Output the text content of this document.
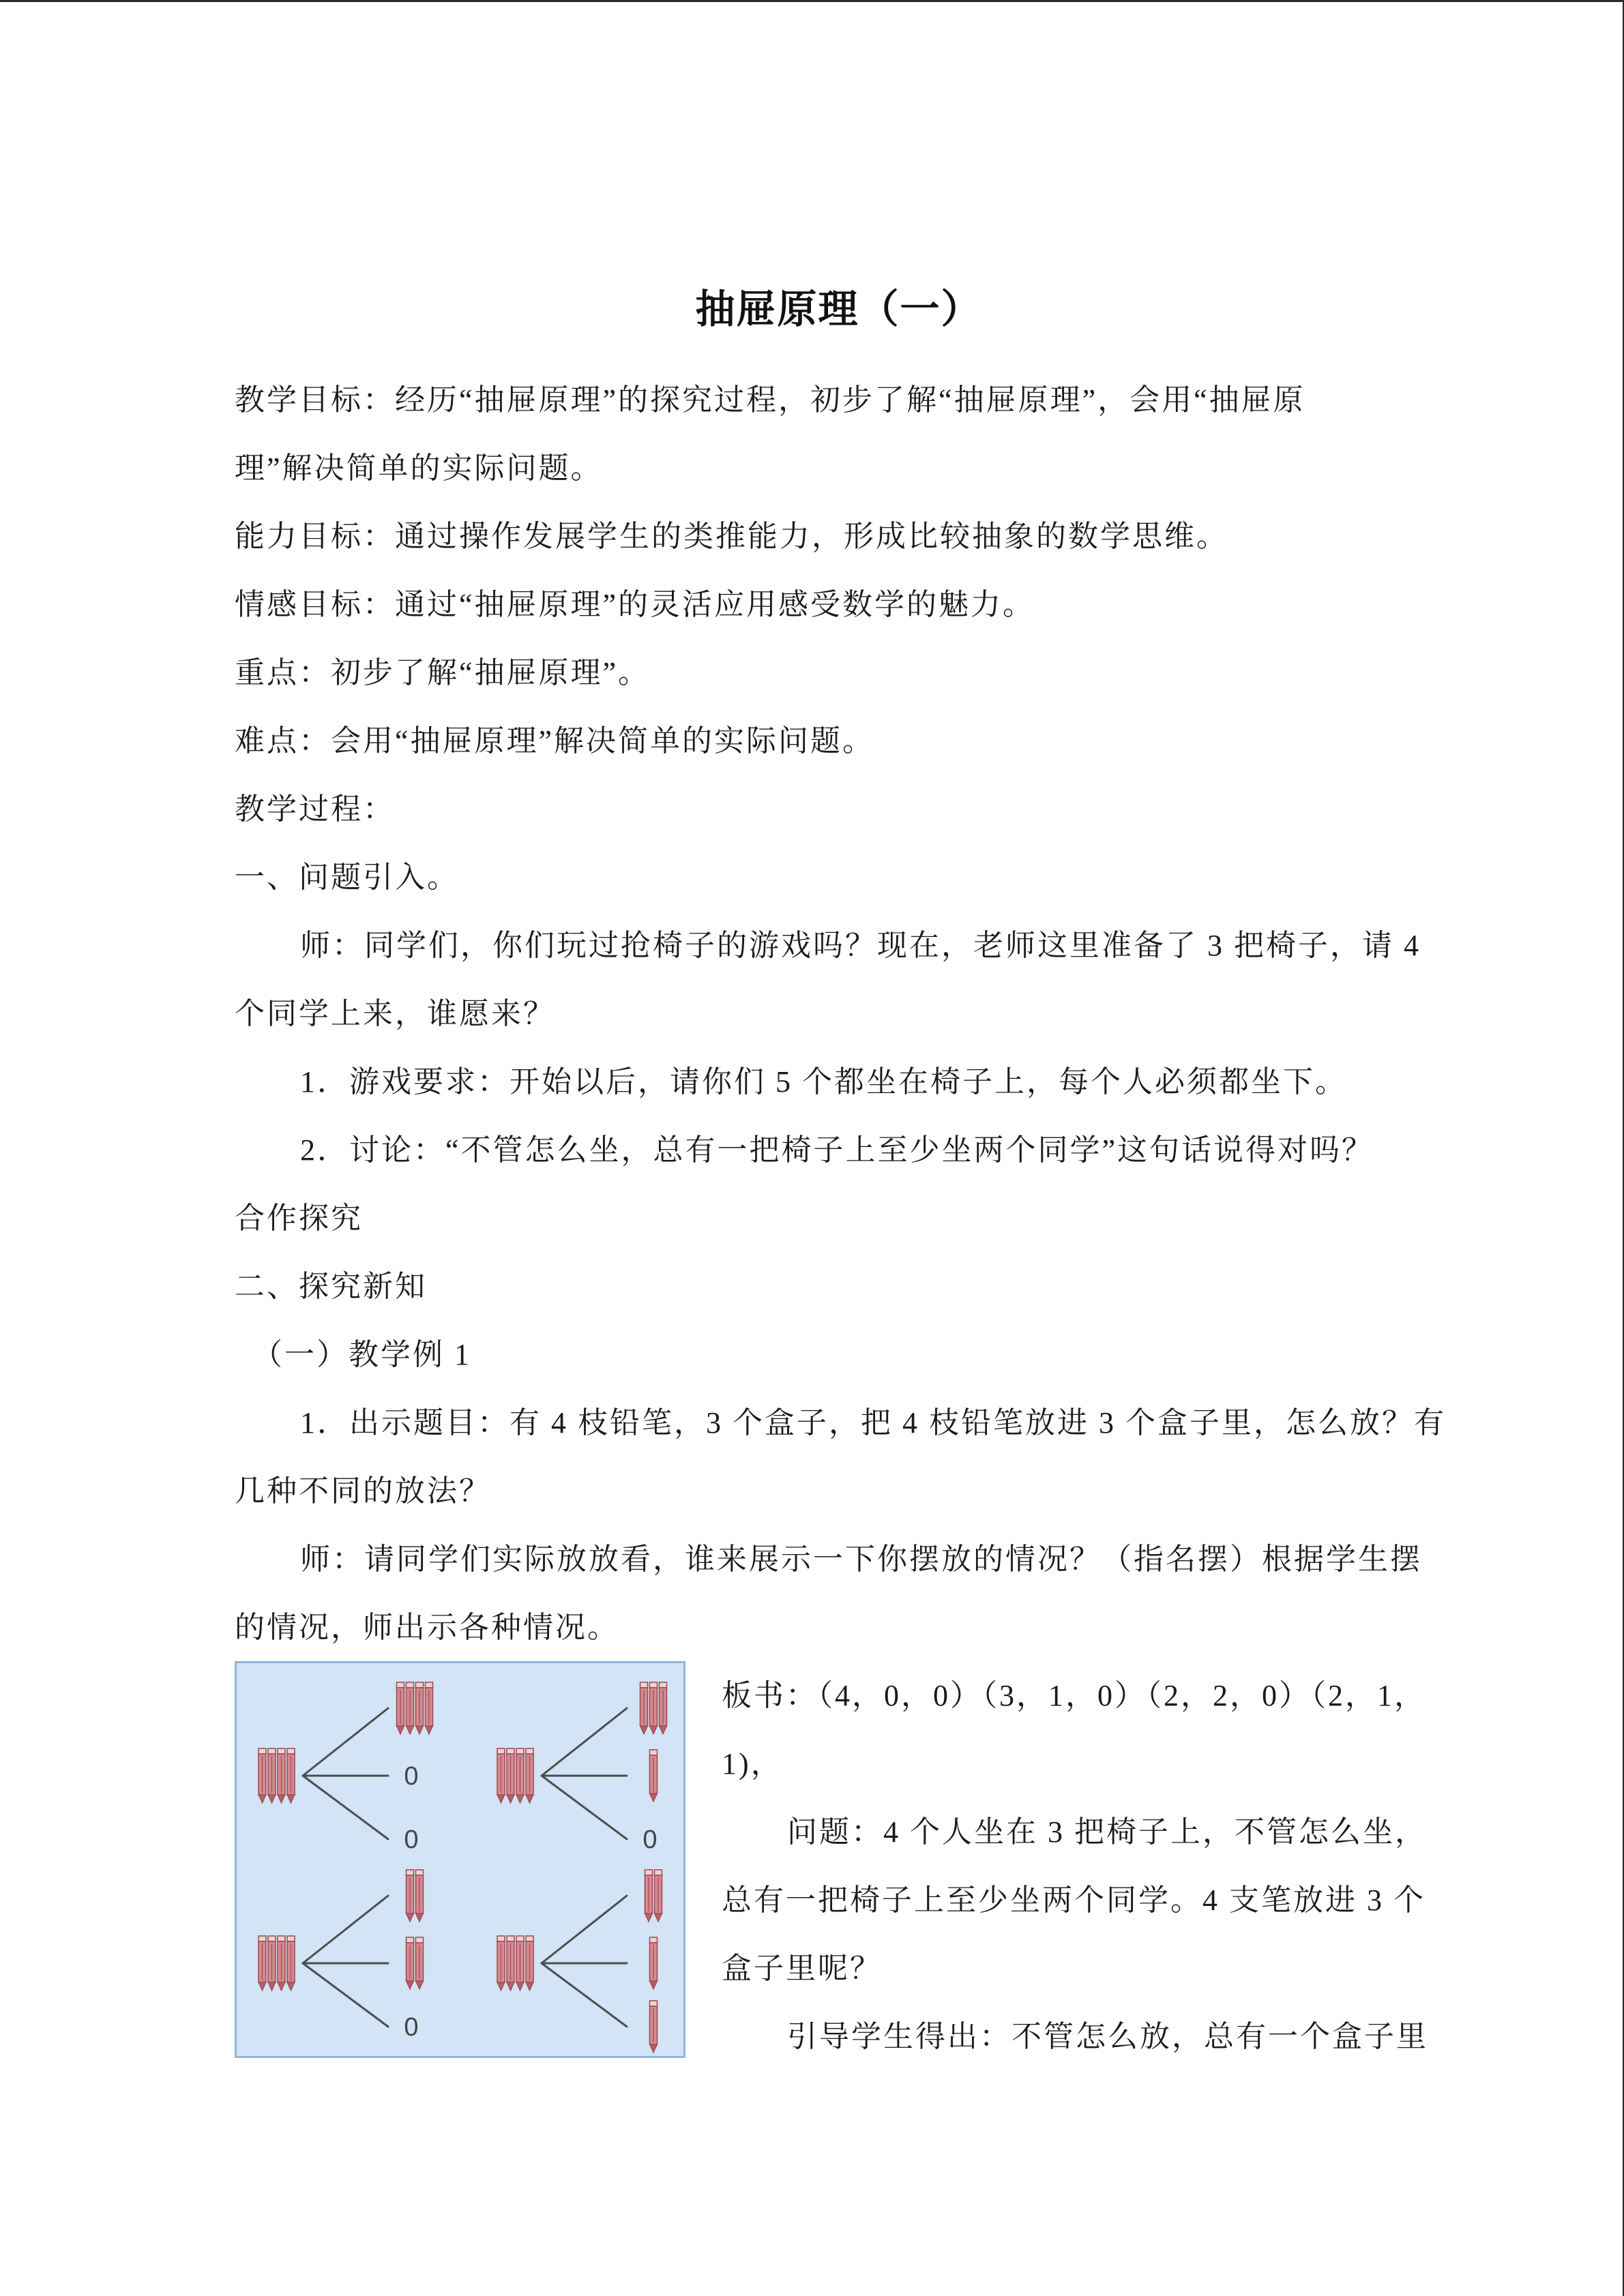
抽屉原理（一）
教学目标：经历“抽屉原理”的探究过程，初步了解“抽屉原理”，会用“抽屉原
理”解决简单的实际问题。
能力目标：通过操作发展学生的类推能力，形成比较抽象的数学思维。
情感目标：通过“抽屉原理”的灵活应用感受数学的魅力。
重点：初步了解“抽屉原理”。
难点：会用“抽屉原理”解决简单的实际问题。
教学过程：
一、问题引入。
师：同学们，你们玩过抢椅子的游戏吗？现在，老师这里准备了 3 把椅子，请 4
个同学上来，谁愿来？
1．游戏要求：开始以后，请你们 5 个都坐在椅子上，每个人必须都坐下。
2．讨论：“不管怎么坐，总有一把椅子上至少坐两个同学”这句话说得对吗？
合作探究
二、探究新知
（一）教学例 1
1．出示题目：有 4 枝铅笔，3 个盒子，把 4 枝铅笔放进 3 个盒子里，怎么放？有
几种不同的放法？
师：请同学们实际放放看，谁来展示一下你摆放的情况？（指名摆）根据学生摆
的情况，师出示各种情况。
0
0	0
0
板书：（4，0，0）（3，1，0）（2，2，0）（2，1，
1)，
问题：4 个人坐在 3 把椅子上，不管怎么坐，
总有一把椅子上至少坐两个同学。4 支笔放进 3 个
盒子里呢？
引导学生得出：不管怎么放，总有一个盒子里
